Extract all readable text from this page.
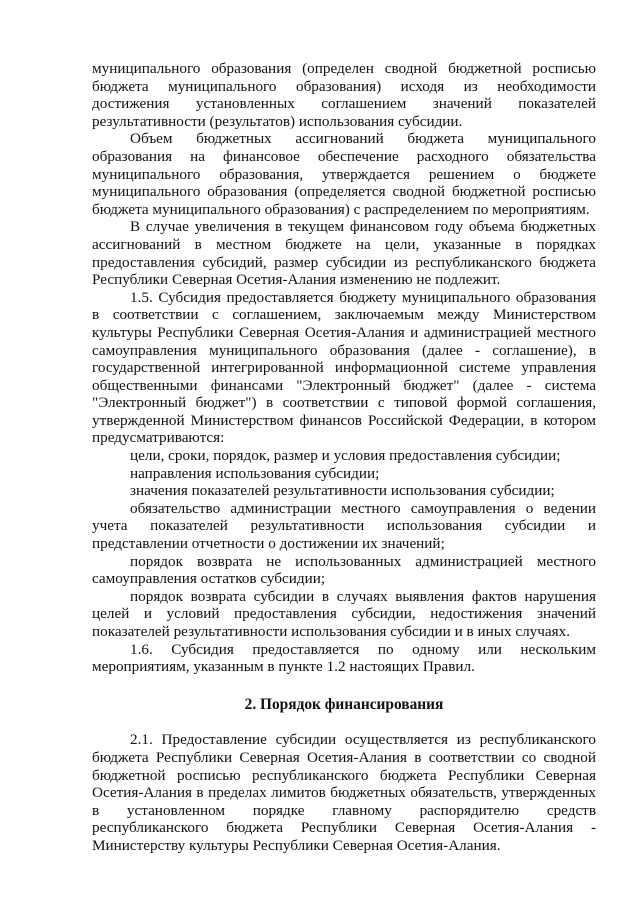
муниципального образования (определен сводной бюджетной росписью бюджета муниципального образования) исходя из необходимости достижения установленных соглашением значений показателей результативности (результатов) использования субсидии.

Объем бюджетных ассигнований бюджета муниципального образования на финансовое обеспечение расходного обязательства муниципального образования, утверждается решением о бюджете муниципального образования (определяется сводной бюджетной росписью бюджета муниципального образования) с распределением по мероприятиям.

В случае увеличения в текущем финансовом году объема бюджетных ассигнований в местном бюджете на цели, указанные в порядках предоставления субсидий, размер субсидии из республиканского бюджета Республики Северная Осетия-Алания изменению не подлежит.

1.5. Субсидия предоставляется бюджету муниципального образования в соответствии с соглашением, заключаемым между Министерством культуры Республики Северная Осетия-Алания и администрацией местного самоуправления муниципального образования (далее - соглашение), в государственной интегрированной информационной системе управления общественными финансами "Электронный бюджет" (далее - система "Электронный бюджет") в соответствии с типовой формой соглашения, утвержденной Министерством финансов Российской Федерации, в котором предусматриваются:

цели, сроки, порядок, размер и условия предоставления субсидии;

направления использования субсидии;

значения показателей результативности использования субсидии;

обязательство администрации местного самоуправления о ведении учета показателей результативности использования субсидии и представлении отчетности о достижении их значений;

порядок возврата не использованных администрацией местного самоуправления остатков субсидии;

порядок возврата субсидии в случаях выявления фактов нарушения целей и условий предоставления субсидии, недостижения значений показателей результативности использования субсидии и в иных случаях.

1.6. Субсидия предоставляется по одному или нескольким мероприятиям, указанным в пункте 1.2 настоящих Правил.

2. Порядок финансирования

2.1. Предоставление субсидии осуществляется из республиканского бюджета Республики Северная Осетия-Алания в соответствии со сводной бюджетной росписью республиканского бюджета Республики Северная Осетия-Алания в пределах лимитов бюджетных обязательств, утвержденных в установленном порядке главному распорядителю средств республиканского бюджета Республики Северная Осетия-Алания - Министерству культуры Республики Северная Осетия-Алания.
